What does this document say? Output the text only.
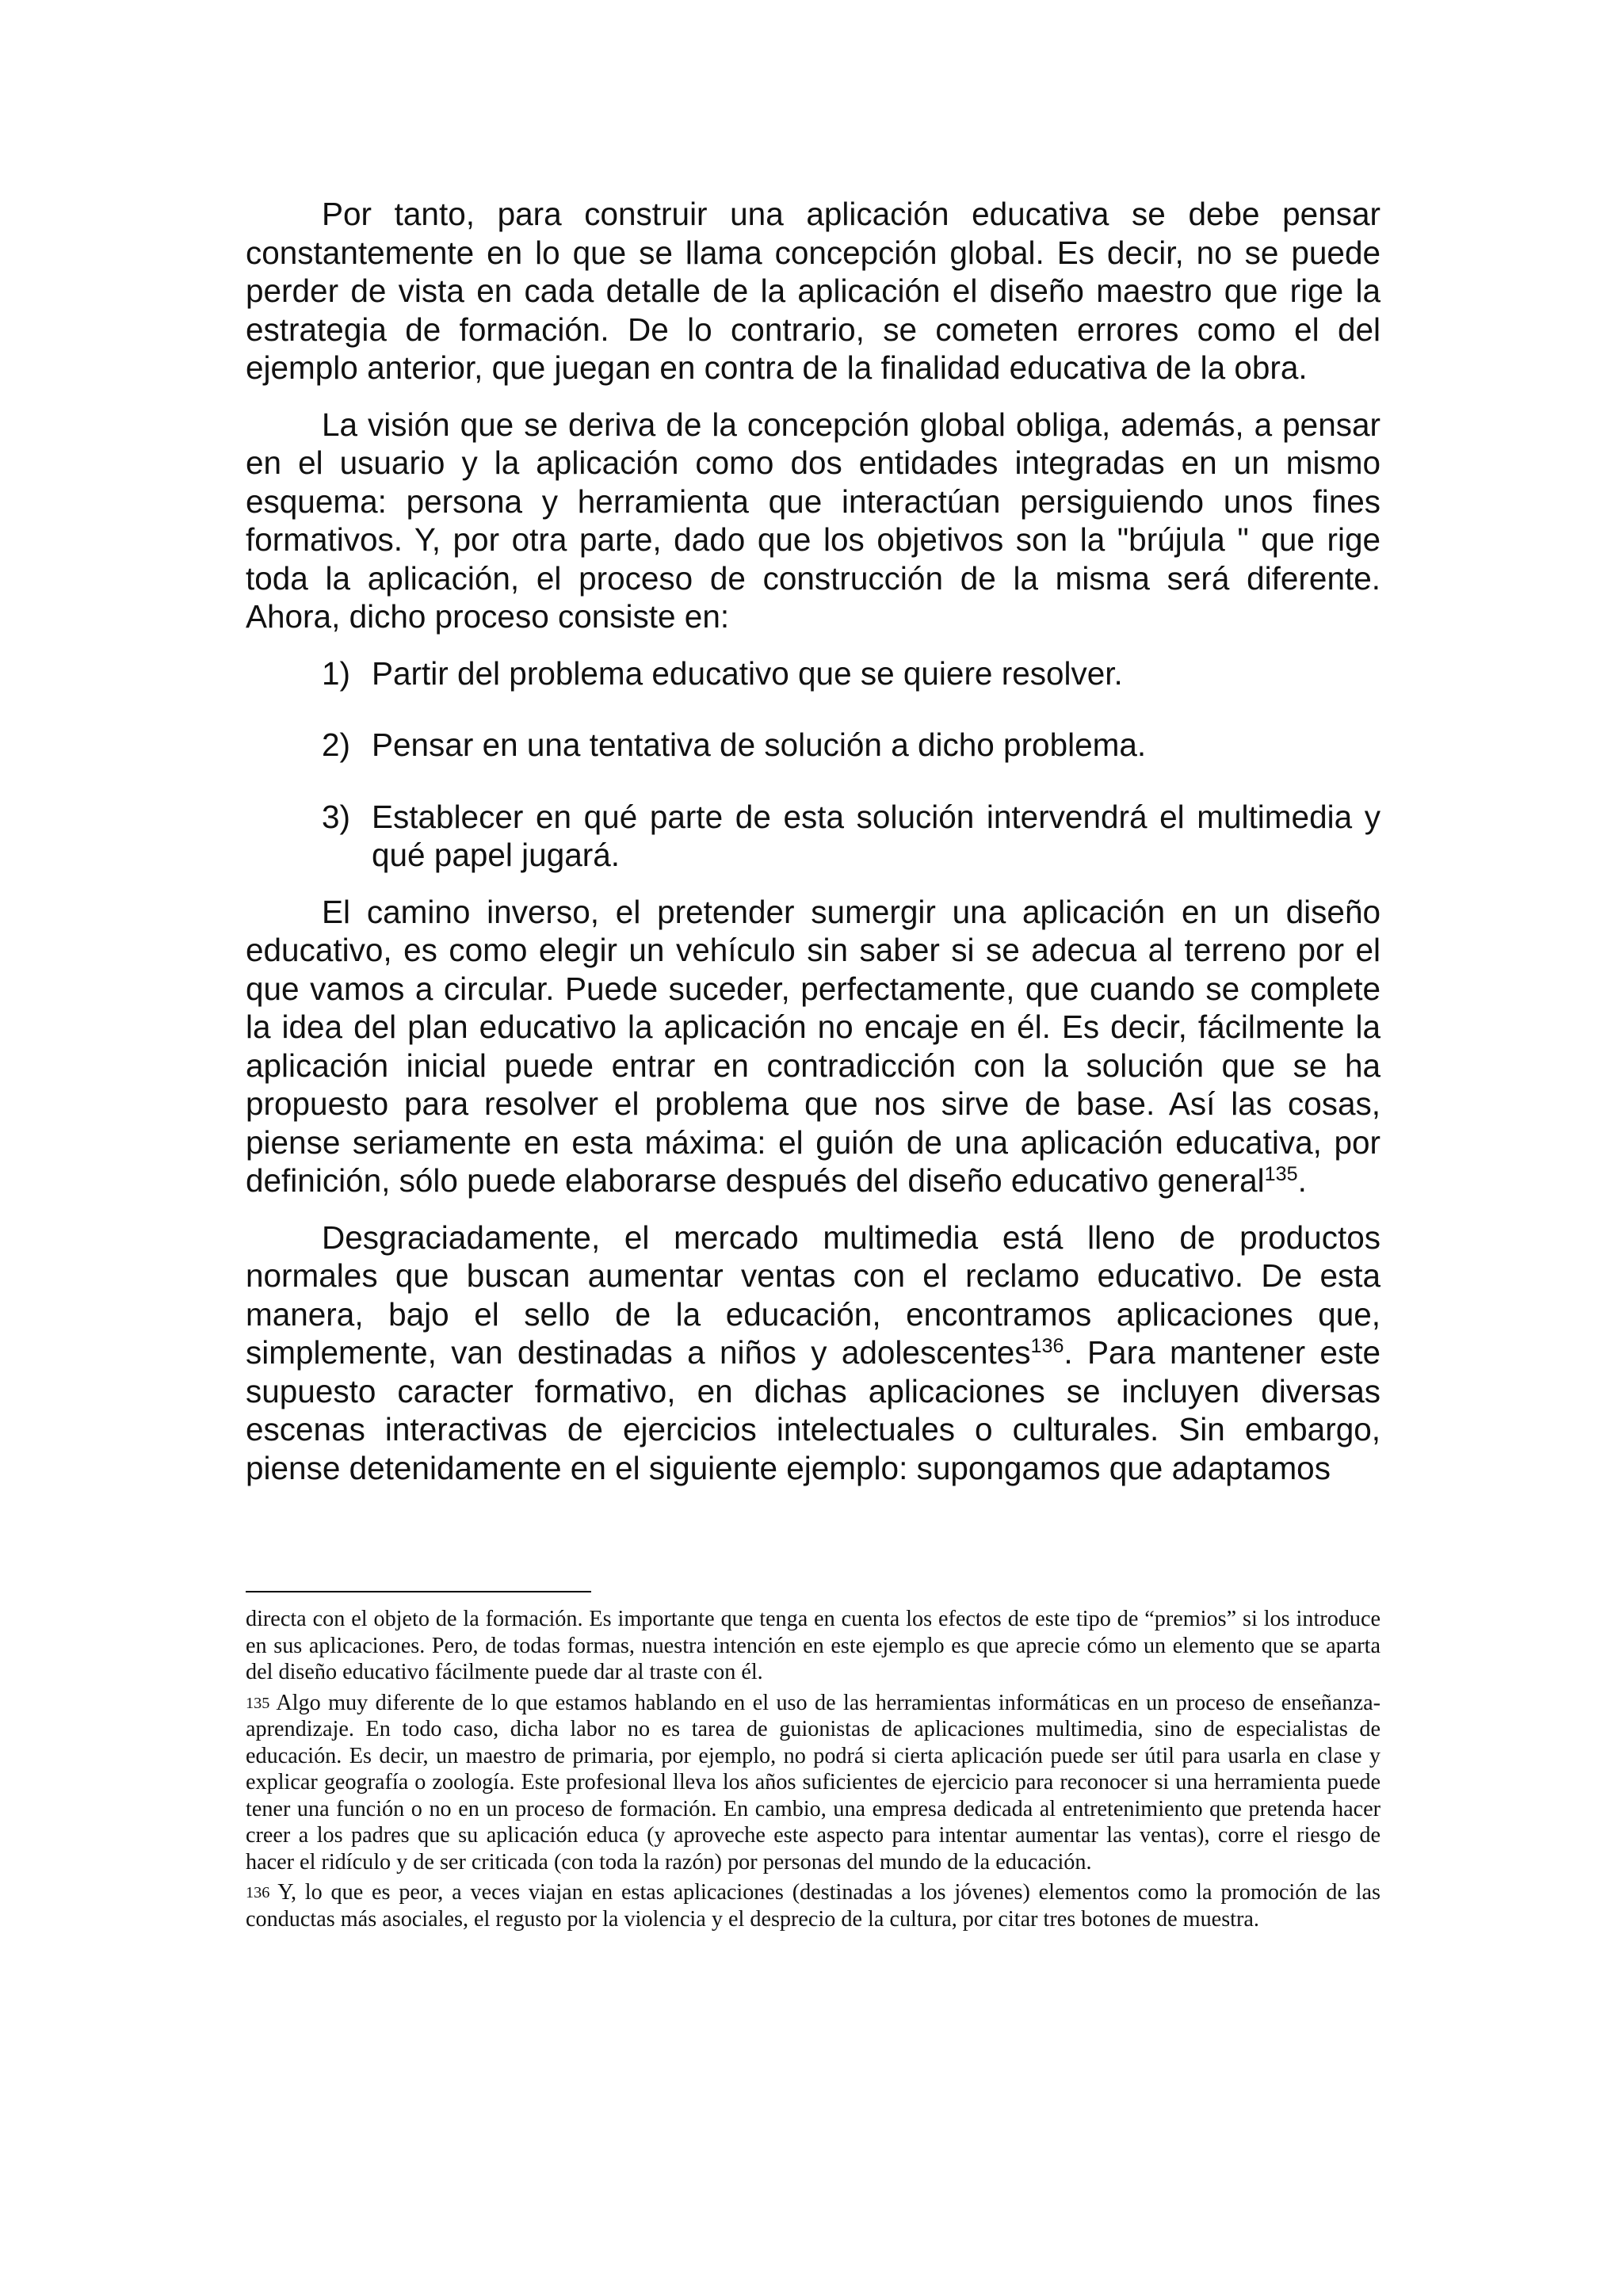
Por tanto, para construir una aplicación educativa se debe pensar constantemente en lo que se llama concepción global. Es decir, no se puede perder de vista en cada detalle de la aplicación el diseño maestro que rige la estrategia de formación. De lo contrario, se cometen errores como el del ejemplo anterior, que juegan en contra de la finalidad educativa de la obra.

La visión que se deriva de la concepción global obliga, además, a pensar en el usuario y la aplicación como dos entidades integradas en un mismo esquema: persona y herramienta que interactúan persiguiendo unos fines formativos. Y, por otra parte, dado que los objetivos son la "brújula " que rige toda la aplicación, el proceso de construcción de la misma será diferente. Ahora, dicho proceso consiste en:

1) Partir del problema educativo que se quiere resolver.
2) Pensar en una tentativa de solución a dicho problema.
3) Establecer en qué parte de esta solución intervendrá el multimedia y qué papel jugará.

El camino inverso, el pretender sumergir una aplicación en un diseño educativo, es como elegir un vehículo sin saber si se adecua al terreno por el que vamos a circular. Puede suceder, perfectamente, que cuando se complete la idea del plan educativo la aplicación no encaje en él. Es decir, fácilmente la aplicación inicial puede entrar en contradicción con la solución que se ha propuesto para resolver el problema que nos sirve de base. Así las cosas, piense seriamente en esta máxima: el guión de una aplicación educativa, por definición, sólo puede elaborarse después del diseño educativo general$^{135}$.

Desgraciadamente, el mercado multimedia está lleno de productos normales que buscan aumentar ventas con el reclamo educativo. De esta manera, bajo el sello de la educación, encontramos aplicaciones que, simplemente, van destinadas a niños y adolescentes$^{136}$. Para mantener este supuesto caracter formativo, en dichas aplicaciones se incluyen diversas escenas interactivas de ejercicios intelectuales o culturales. Sin embargo, piense detenidamente en el siguiente ejemplo: supongamos que adaptamos

directa con el objeto de la formación. Es importante que tenga en cuenta los efectos de este tipo de “premios” si los introduce en sus aplicaciones. Pero, de todas formas, nuestra intención en este ejemplo es que aprecie cómo un elemento que se aparta del diseño educativo fácilmente puede dar al traste con él.

$^{135}$ Algo muy diferente de lo que estamos hablando en el uso de las herramientas informáticas en un proceso de enseñanza-aprendizaje. En todo caso, dicha labor no es tarea de guionistas de aplicaciones multimedia, sino de especialistas de educación. Es decir, un maestro de primaria, por ejemplo, no podrá si cierta aplicación puede ser útil para usarla en clase y explicar geografía o zoología. Este profesional lleva los años suficientes de ejercicio para reconocer si una herramienta puede tener una función o no en un proceso de formación. En cambio, una empresa dedicada al entretenimiento que pretenda hacer creer a los padres que su aplicación educa (y aproveche este aspecto para intentar aumentar las ventas), corre el riesgo de hacer el ridículo y de ser criticada (con toda la razón) por personas del mundo de la educación.

$^{136}$ Y, lo que es peor, a veces viajan en estas aplicaciones (destinadas a los jóvenes) elementos como la promoción de las conductas más asociales, el regusto por la violencia y el desprecio de la cultura, por citar tres botones de muestra.
